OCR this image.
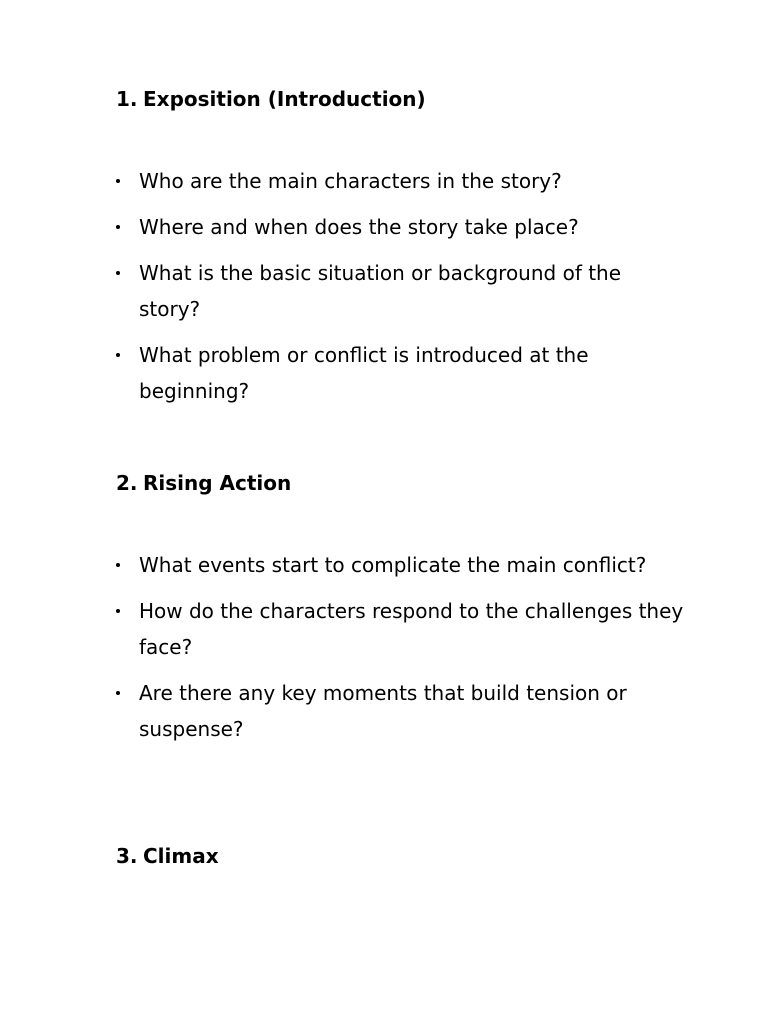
1. Exposition (Introduction)
Who are the main characters in the story?
Where and when does the story take place?
What is the basic situation or background of the story?
What problem or conflict is introduced at the beginning?
2. Rising Action
What events start to complicate the main conflict?
How do the characters respond to the challenges they face?
Are there any key moments that build tension or suspense?
3. Climax
